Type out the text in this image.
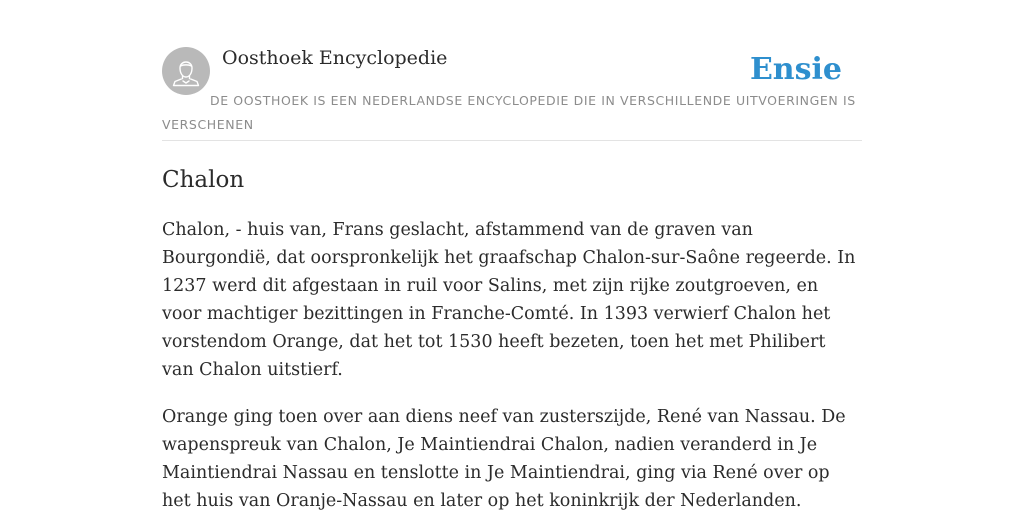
Oosthoek Encyclopedie	Ensie
DE OOSTHOEK IS EEN NEDERLANDSE ENCYCLOPEDIE DIE IN VERSCHILLENDE UITVOERINGEN IS VERSCHENEN
Chalon

Chalon, - huis van, Frans geslacht, afstammend van de graven van Bourgondië, dat oorspronkelijk het graafschap Chalon-sur-Saône regeerde. In 1237 werd dit afgestaan in ruil voor Salins, met zijn rijke zoutgroeven, en voor machtiger bezittingen in Franche-Comté. In 1393 verwierf Chalon het vorstendom Orange, dat het tot 1530 heeft bezeten, toen het met Philibert van Chalon uitstierf.

Orange ging toen over aan diens neef van zusterszijde, René van Nassau. De wapenspreuk van Chalon, Je Maintiendrai Chalon, nadien veranderd in Je Maintiendrai Nassau en tenslotte in Je Maintiendrai, ging via René over op het huis van Oranje-Nassau en later op het koninkrijk der Nederlanden.
